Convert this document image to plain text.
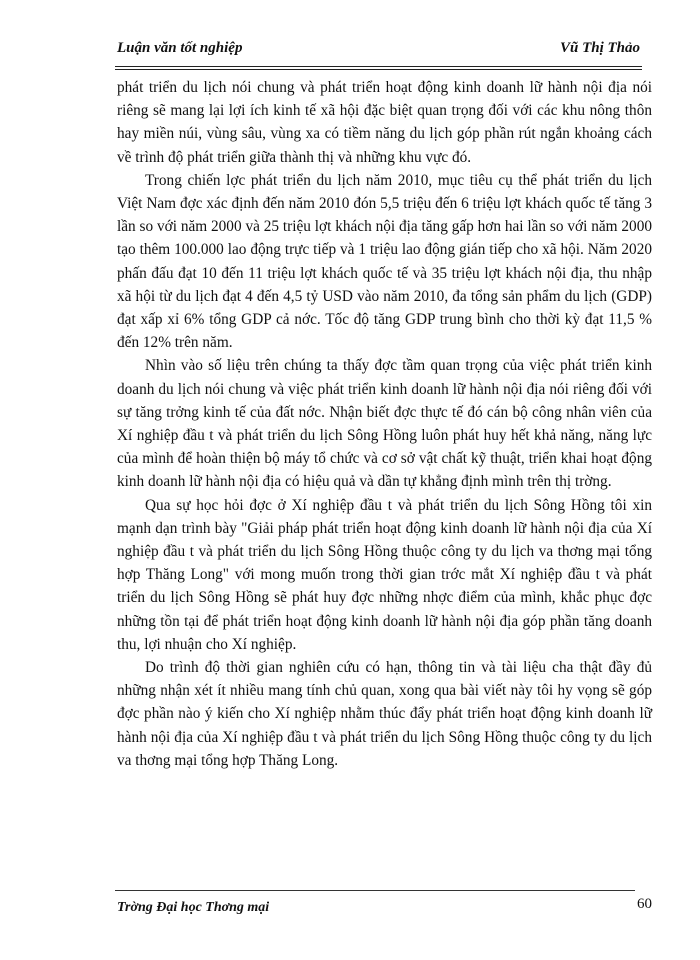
Luận văn tốt nghiệp	Vũ Thị Thảo

phát triển du lịch nói chung và phát triển hoạt động kinh doanh lữ hành nội địa nói riêng sẽ mang lại lợi ích kinh tế xã hội đặc biệt quan trọng đối với các khu nông thôn hay miền núi, vùng sâu, vùng xa có tiềm năng du lịch góp phần rút ngắn khoảng cách về trình độ phát triển giữa thành thị và những khu vực đó.

Trong chiến lợc phát triển du lịch năm 2010, mục tiêu cụ thể phát triển du lịch Việt Nam đợc xác định đến năm 2010 đón 5,5 triệu đến 6 triệu lợt khách quốc tế tăng 3 lần so với năm 2000 và 25 triệu lợt khách nội địa tăng gấp hơn hai lần so với năm 2000 tạo thêm 100.000 lao động trực tiếp và 1 triệu lao động gián tiếp cho xã hội. Năm 2020 phấn đấu đạt 10 đến 11 triệu lợt khách quốc tế và 35 triệu lợt khách nội địa, thu nhập xã hội từ du lịch đạt 4 đến 4,5 tỷ USD vào năm 2010, đa tổng sản phẩm du lịch (GDP) đạt xấp xỉ 6% tổng GDP cả nớc. Tốc độ tăng GDP trung bình cho thời kỳ đạt 11,5 % đến 12% trên năm.

Nhìn vào số liệu trên chúng ta thấy đợc tầm quan trọng của việc phát triển kinh doanh du lịch nói chung và việc phát triển kinh doanh lữ hành nội địa nói riêng đối với sự tăng trởng kinh tế của đất nớc. Nhận biết đợc thực tế đó cán bộ công nhân viên của Xí nghiệp đầu t và phát triển du lịch Sông Hồng luôn phát huy hết khả năng, năng lực của mình để hoàn thiện bộ máy tổ chức và cơ sở vật chất kỹ thuật, triển khai hoạt động kinh doanh lữ hành nội địa có hiệu quả và dần tự khẳng định mình trên thị trờng.

Qua sự học hỏi đợc ở Xí nghiệp đầu t và phát triển du lịch Sông Hồng tôi xin mạnh dạn trình bày "Giải pháp phát triển hoạt động kinh doanh lữ hành nội địa của Xí nghiệp đầu t và phát triển du lịch Sông Hồng thuộc công ty du lịch va thơng mại tổng hợp Thăng Long" với mong muốn trong thời gian trớc mắt Xí nghiệp đầu t và phát triển du lịch Sông Hồng sẽ phát huy đợc những nhợc điểm của mình, khắc phục đợc những tồn tại để phát triển hoạt động kinh doanh lữ hành nội địa góp phần tăng doanh thu, lợi nhuận cho Xí nghiệp.

Do trình độ thời gian nghiên cứu có hạn, thông tin và tài liệu cha thật đầy đủ những nhận xét ít nhiều mang tính chủ quan, xong qua bài viết này tôi hy vọng sẽ góp đợc phần nào ý kiến cho Xí nghiệp nhằm thúc đẩy phát triển hoạt động kinh doanh lữ hành nội địa của Xí nghiệp đầu t và phát triển du lịch Sông Hồng thuộc công ty du lịch va thơng mại tổng hợp Thăng Long.

Trờng Đại học Thơng mại	60
